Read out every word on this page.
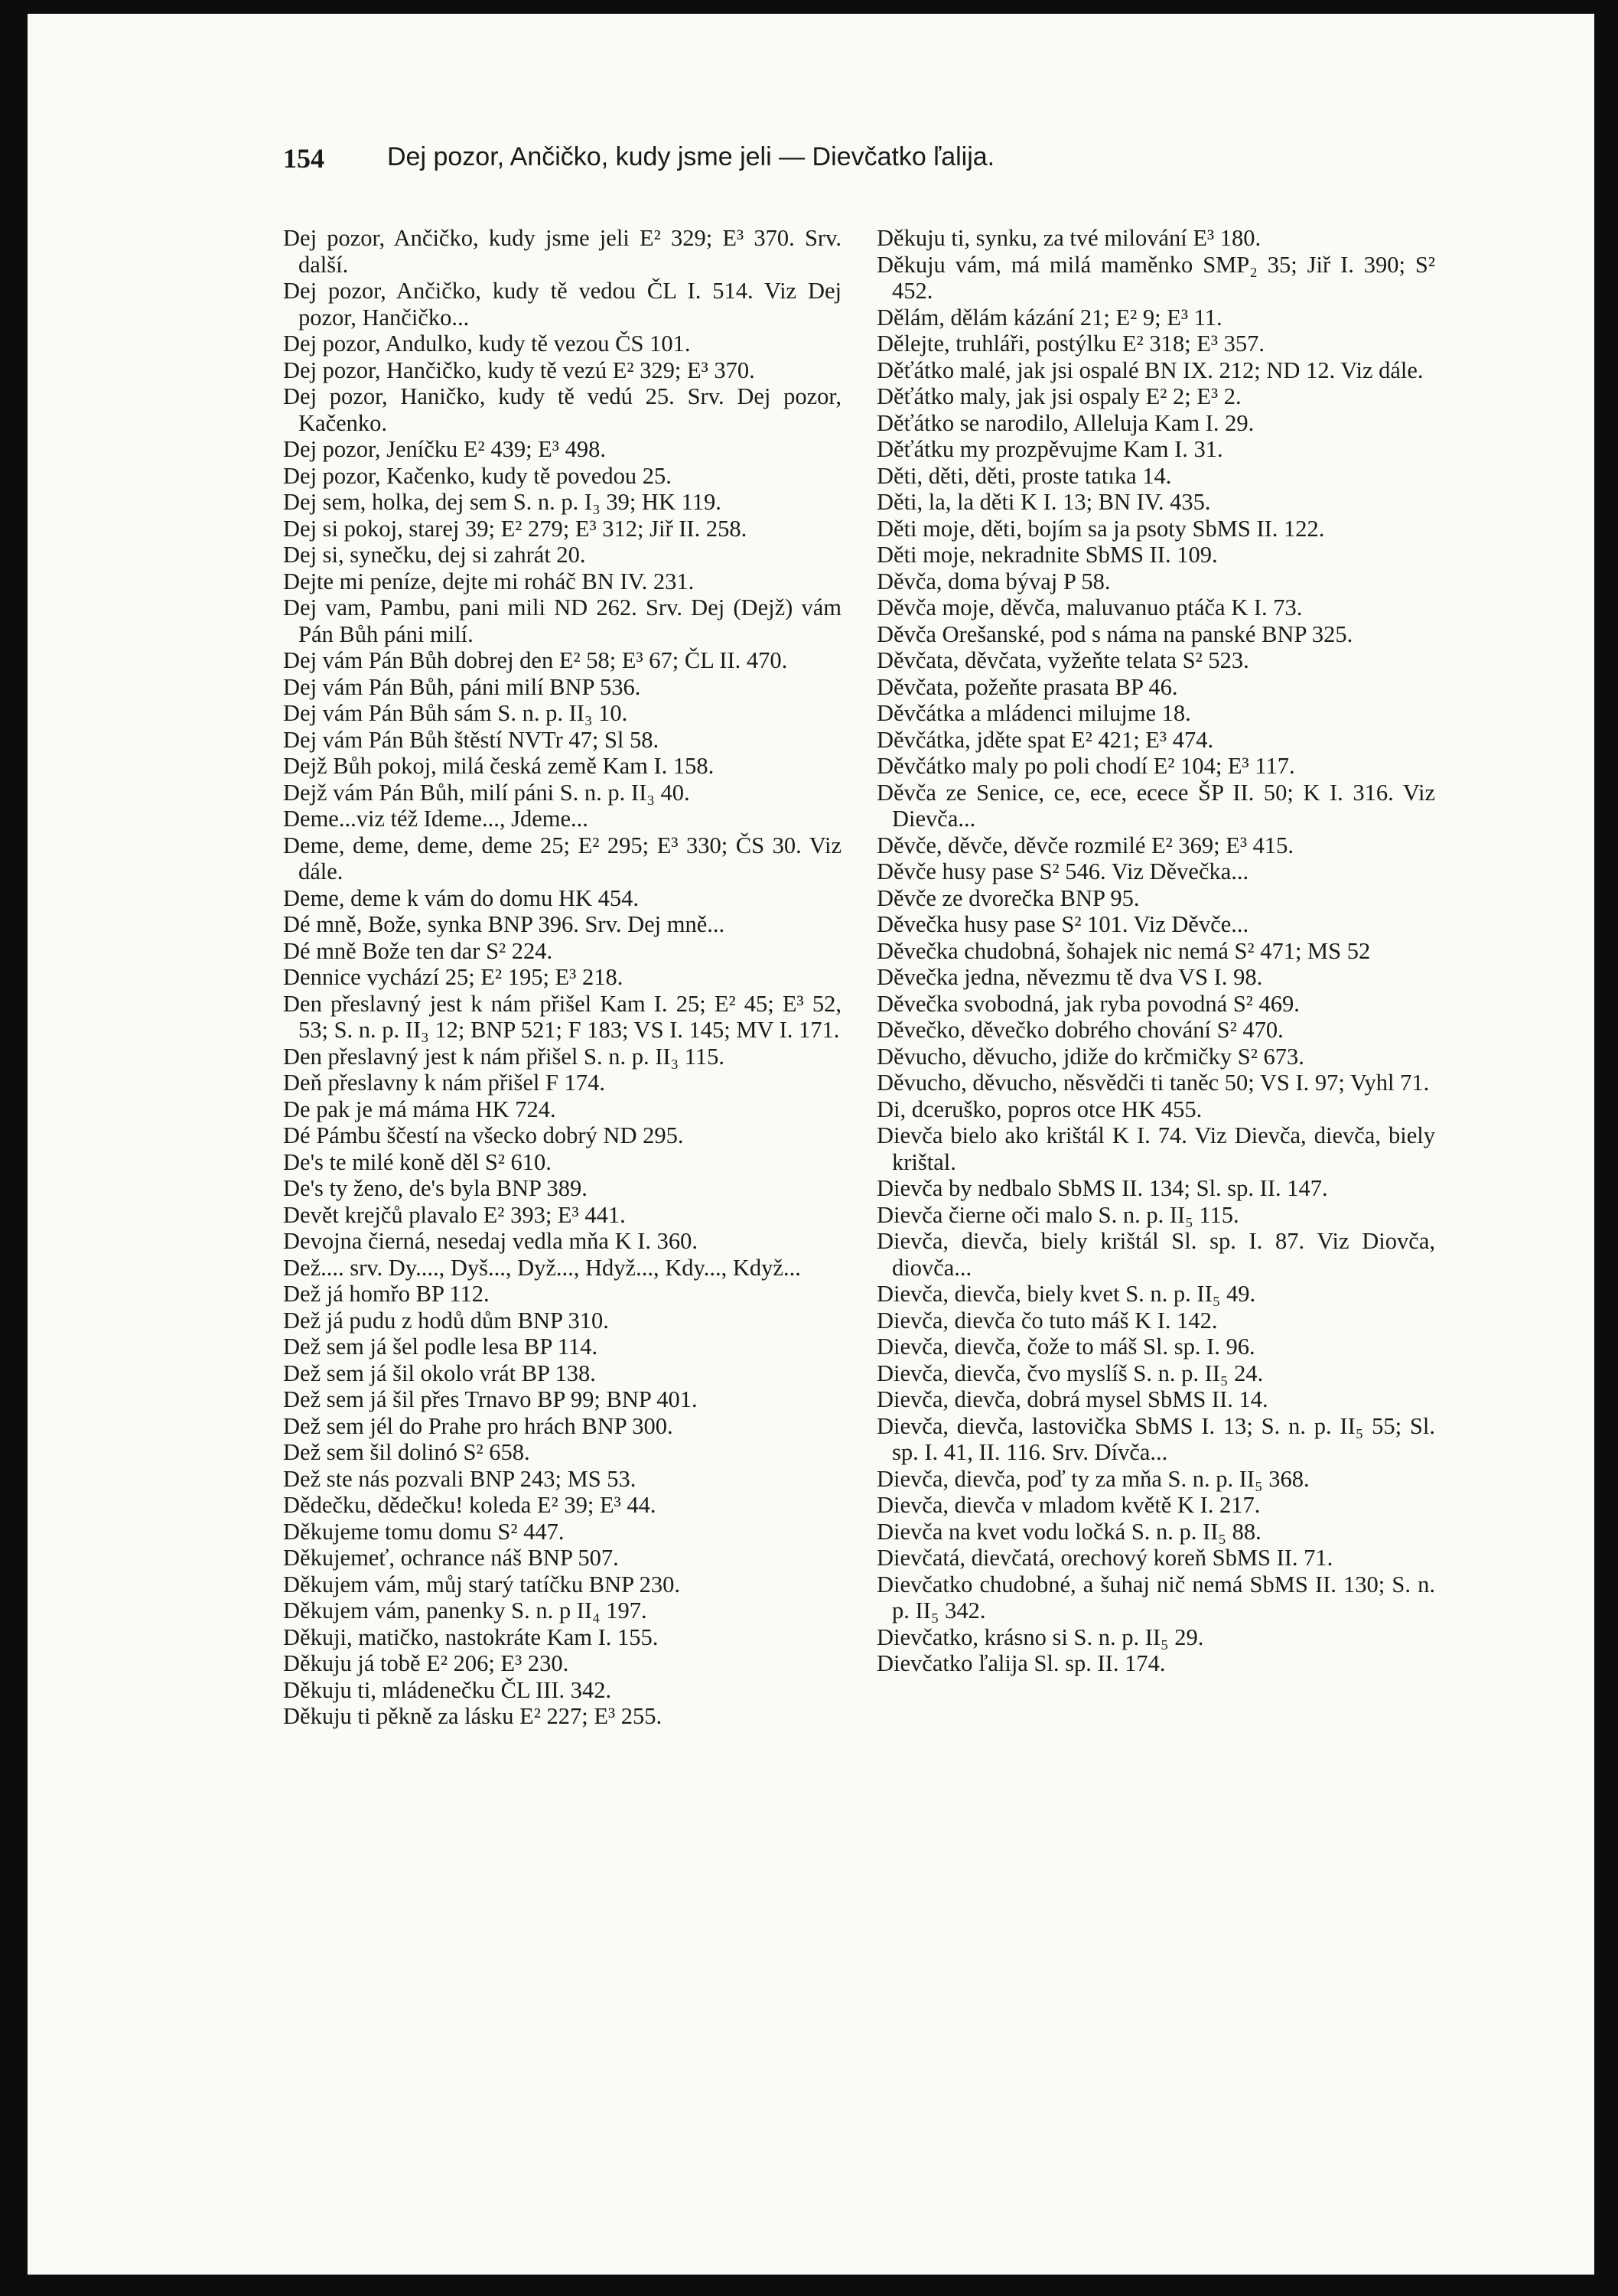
154 Dej pozor, Ančičko, kudy jsme jeli — Dievčatko ľalija.

Dej pozor, Ančičko, kudy jsme jeli E² 329; E³ 370. Srv. další.

Dej pozor, Ančičko, kudy tě vedou ČL I. 514. Viz Dej pozor, Hančičko...

Dej pozor, Andulko, kudy tě vezou ČS 101.

Dej pozor, Hančičko, kudy tě vezú E² 329; E³ 370.

Dej pozor, Haničko, kudy tě vedú 25. Srv. Dej pozor, Kačenko.

Dej pozor, Jeníčku E² 439; E³ 498.

Dej pozor, Kačenko, kudy tě povedou 25.

Dej sem, holka, dej sem S. n. p. I₃ 39; HK 119.

Dej si pokoj, starej 39; E² 279; E³ 312; Jiř II. 258.

Dej si, synečku, dej si zahrát 20.

Dejte mi peníze, dejte mi roháč BN IV. 231.

Dej vam, Pambu, pani mili ND 262. Srv. Dej (Dejž) vám Pán Bůh páni milí.

Dej vám Pán Bůh dobrej den E² 58; E³ 67; ČL II. 470.

Dej vám Pán Bůh, páni milí BNP 536.

Dej vám Pán Bůh sám S. n. p. II₃ 10.

Dej vám Pán Bůh štěstí NVTr 47; Sl 58.

Dejž Bůh pokoj, milá česká země Kam I. 158.

Dejž vám Pán Bůh, milí páni S. n. p. II₃ 40.

Deme...viz též Ideme..., Jdeme...

Deme, deme, deme, deme 25; E² 295; E³ 330; ČS 30. Viz dále.

Deme, deme k vám do domu HK 454.

Dé mně, Bože, synka BNP 396. Srv. Dej mně...

Dé mně Bože ten dar S² 224.

Dennice vychází 25; E² 195; E³ 218.

Den přeslavný jest k nám přišel Kam I. 25; E² 45; E³ 52, 53; S. n. p. II₃ 12; BNP 521; F 183; VS I. 145; MV I. 171.

Den přeslavný jest k nám přišel S. n. p. II₃ 115.

Deň přeslavny k nám přišel F 174.

De pak je má máma HK 724.

Dé Pámbu ščestí na všecko dobrý ND 295.

De's te milé koně děl S² 610.

De's ty ženo, de's byla BNP 389.

Devět krejčů plavalo E² 393; E³ 441.

Devojna čierná, nesedaj vedla mňa K I. 360.

Dež.... srv. Dy...., Dyš..., Dyž..., Hdyž..., Kdy..., Když...

Dež já homřo BP 112.

Dež já pudu z hodů dům BNP 310.

Dež sem já šel podle lesa BP 114.

Dež sem já šil okolo vrát BP 138.

Dež sem já šil přes Trnavo BP 99; BNP 401.

Dež sem jél do Prahe pro hrách BNP 300.

Dež sem šil dolinó S² 658.

Dež ste nás pozvali BNP 243; MS 53.

Dědečku, dědečku! koleda E² 39; E³ 44.

Děkujeme tomu domu S² 447.

Děkujemeť, ochrance náš BNP 507.

Děkujem vám, můj starý tatíčku BNP 230.

Děkujem vám, panenky S. n. p II₄ 197.

Děkuji, matičko, nastokráte Kam I. 155.

Děkuju já tobě E² 206; E³ 230.

Děkuju ti, mládenečku ČL III. 342.

Děkuju ti pěkně za lásku E² 227; E³ 255.

Děkuju ti, synku, za tvé milování E³ 180.

Děkuju vám, má milá maměnko SMP₂ 35; Jiř I. 390; S² 452.

Dělám, dělám kázání 21; E² 9; E³ 11.

Dělejte, truhláři, postýlku E² 318; E³ 357.

Děťátko malé, jak jsi ospalé BN IX. 212; ND 12. Viz dále.

Děťátko maly, jak jsi ospaly E² 2; E³ 2.

Děťátko se narodilo, Alleluja Kam I. 29.

Děťátku my prozpěvujme Kam I. 31.

Děti, děti, děti, proste tatıka 14.

Děti, la, la děti K I. 13; BN IV. 435.

Děti moje, děti, bojím sa ja psoty SbMS II. 122.

Děti moje, nekradnite SbMS II. 109.

Děvča, doma bývaj P 58.

Děvča moje, děvča, maluvanuo ptáča K I. 73.

Děvča Orešanské, pod s náma na panské BNP 325.

Děvčata, děvčata, vyžeňte telata S² 523.

Děvčata, požeňte prasata BP 46.

Děvčátka a mládenci milujme 18.

Děvčátka, jděte spat E² 421; E³ 474.

Děvčátko maly po poli chodí E² 104; E³ 117.

Děvča ze Senice, ce, ece, ecece ŠP II. 50; K I. 316. Viz Dievča...

Děvče, děvče, děvče rozmilé E² 369; E³ 415.

Děvče husy pase S² 546. Viz Děvečka...

Děvče ze dvorečka BNP 95.

Děvečka husy pase S² 101. Viz Děvče...

Děvečka chudobná, šohajek nic nemá S² 471; MS 52

Děvečka jedna, něvezmu tě dva VS I. 98.

Děvečka svobodná, jak ryba povodná S² 469.

Děvečko, děvečko dobrého chování S² 470.

Děvucho, děvucho, jdiže do krčmičky S² 673.

Děvucho, děvucho, něsvědči ti taněc 50; VS I. 97; Vyhl 71.

Di, dceruško, popros otce HK 455.

Dievča bielo ako krištál K I. 74. Viz Dievča, dievča, biely krištal.

Dievča by nedbalo SbMS II. 134; Sl. sp. II. 147.

Dievča čierne oči malo S. n. p. II₅ 115.

Dievča, dievča, biely krištál Sl. sp. I. 87. Viz Diovča, diovča...

Dievča, dievča, biely kvet S. n. p. II₅ 49.

Dievča, dievča čo tuto máš K I. 142.

Dievča, dievča, čože to máš Sl. sp. I. 96.

Dievča, dievča, čvo myslíš S. n. p. II₅ 24.

Dievča, dievča, dobrá mysel SbMS II. 14.

Dievča, dievča, lastovička SbMS I. 13; S. n. p. II₅ 55; Sl. sp. I. 41, II. 116. Srv. Dívča...

Dievča, dievča, poď ty za mňa S. n. p. II₅ 368.

Dievča, dievča v mladom květě K I. 217.

Dievča na kvet vodu ločká S. n. p. II₅ 88.

Dievčatá, dievčatá, orechový koreň SbMS II. 71.

Dievčatko chudobné, a šuhaj nič nemá SbMS II. 130; S. n. p. II₅ 342.

Dievčatko, krásno si S. n. p. II₅ 29.

Dievčatko ľalija Sl. sp. II. 174.
